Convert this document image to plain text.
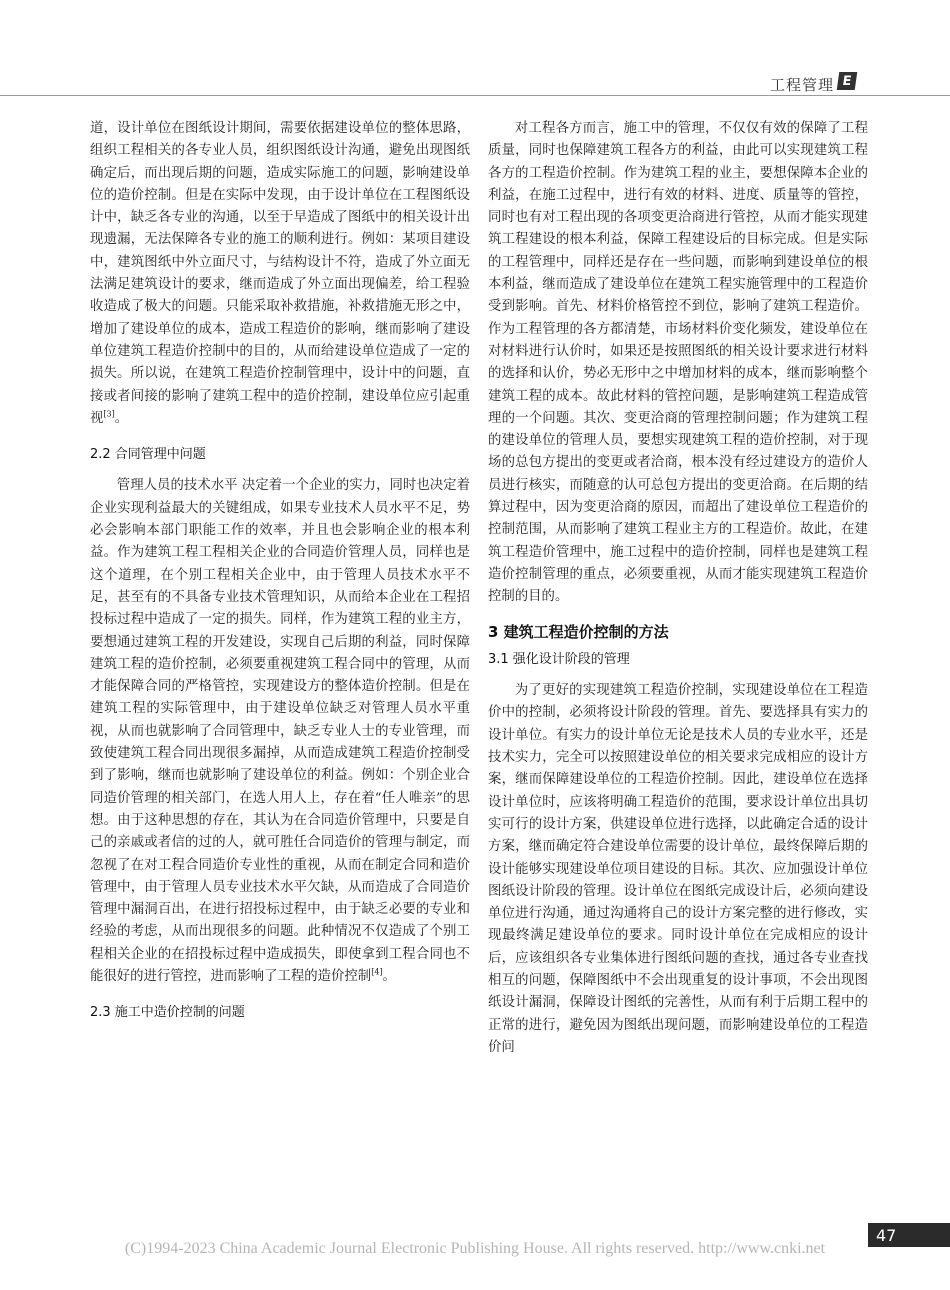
工程管理 E

道，设计单位在图纸设计期间，需要依据建设单位的整体思路，组织工程相关的各专业人员，组织图纸设计沟通，避免出现图纸确定后，而出现后期的问题，造成实际施工的问题，影响建设单位的造价控制。但是在实际中发现，由于设计单位在工程图纸设计中，缺乏各专业的沟通，以至于早造成了图纸中的相关设计出现遗漏，无法保障各专业的施工的顺利进行。例如：某项目建设中，建筑图纸中外立面尺寸，与结构设计不符，造成了外立面无法满足建筑设计的要求，继而造成了外立面出现偏差，给工程验收造成了极大的问题。只能采取补救措施，补救措施无形之中，增加了建设单位的成本，造成工程造价的影响，继而影响了建设单位建筑工程造价控制中的目的，从而给建设单位造成了一定的损失。所以说，在建筑工程造价控制管理中，设计中的问题，直接或者间接的影响了建筑工程中的造价控制，建设单位应引起重视[3]。

2.2 合同管理中问题

管理人员的技术水平 决定着一个企业的实力，同时也决定着企业实现利益最大的关键组成，如果专业技术人员水平不足，势必会影响本部门职能工作的效率，并且也会影响企业的根本利益。作为建筑工程工程相关企业的合同造价管理人员，同样也是这个道理，在个别工程相关企业中，由于管理人员技术水平不足，甚至有的不具备专业技术管理知识，从而给本企业在工程招投标过程中造成了一定的损失。同样，作为建筑工程的业主方，要想通过建筑工程的开发建设，实现自己后期的利益，同时保障建筑工程的造价控制，必须要重视建筑工程合同中的管理，从而才能保障合同的严格管控，实现建设方的整体造价控制。但是在建筑工程的实际管理中，由于建设单位缺乏对管理人员水平重视，从而也就影响了合同管理中，缺乏专业人士的专业管理，而致使建筑工程合同出现很多漏掉，从而造成建筑工程造价控制受到了影响，继而也就影响了建设单位的利益。例如：个别企业合同造价管理的相关部门，在选人用人上，存在着“任人唯亲”的思想。由于这种思想的存在，其认为在合同造价管理中，只要是自己的亲戚或者信的过的人，就可胜任合同造价的管理与制定，而忽视了在对工程合同造价专业性的重视，从而在制定合同和造价管理中，由于管理人员专业技术水平欠缺，从而造成了合同造价管理中漏洞百出，在进行招投标过程中，由于缺乏必要的专业和经验的考虑，从而出现很多的问题。此种情况不仅造成了个别工程相关企业的在招投标过程中造成损失，即使拿到工程合同也不能很好的进行管控，进而影响了工程的造价控制[4]。

2.3 施工中造价控制的问题

对工程各方而言，施工中的管理，不仅仅有效的保障了工程质量，同时也保障建筑工程各方的利益，由此可以实现建筑工程各方的工程造价控制。作为建筑工程的业主，要想保障本企业的利益，在施工过程中，进行有效的材料、进度、质量等的管控，同时也有对工程出现的各项变更洽商进行管控，从而才能实现建筑工程建设的根本利益，保障工程建设后的目标完成。但是实际的工程管理中，同样还是存在一些问题，而影响到建设单位的根本利益，继而造成了建设单位在建筑工程实施管理中的工程造价受到影响。首先、材料价格管控不到位，影响了建筑工程造价。作为工程管理的各方都清楚，市场材料价变化频发，建设单位在对材料进行认价时，如果还是按照图纸的相关设计要求进行材料的选择和认价，势必无形中之中增加材料的成本，继而影响整个建筑工程的成本。故此材料的管控问题，是影响建筑工程造成管理的一个问题。其次、变更洽商的管理控制问题；作为建筑工程的建设单位的管理人员，要想实现建筑工程的造价控制，对于现场的总包方提出的变更或者洽商，根本没有经过建设方的造价人员进行核实，而随意的认可总包方提出的变更洽商。在后期的结算过程中，因为变更洽商的原因，而超出了建设单位工程造价的控制范围，从而影响了建筑工程业主方的工程造价。故此，在建筑工程造价管理中，施工过程中的造价控制，同样也是建筑工程造价控制管理的重点，必须要重视，从而才能实现建筑工程造价控制的目的。

3 建筑工程造价控制的方法
3.1 强化设计阶段的管理

为了更好的实现建筑工程造价控制，实现建设单位在工程造价中的控制，必须将设计阶段的管理。首先、要选择具有实力的设计单位。有实力的设计单位无论是技术人员的专业水平，还是技术实力，完全可以按照建设单位的相关要求完成相应的设计方案，继而保障建设单位的工程造价控制。因此，建设单位在选择设计单位时，应该将明确工程造价的范围，要求设计单位出具切实可行的设计方案，供建设单位进行选择，以此确定合适的设计方案，继而确定符合建设单位需要的设计单位，最终保障后期的设计能够实现建设单位项目建设的目标。其次、应加强设计单位图纸设计阶段的管理。设计单位在图纸完成设计后，必须向建设单位进行沟通，通过沟通将自己的设计方案完整的进行修改，实现最终满足建设单位的要求。同时设计单位在完成相应的设计后，应该组织各专业集体进行图纸问题的查找，通过各专业查找相互的问题，保障图纸中不会出现重复的设计事项，不会出现图纸设计漏洞，保障设计图纸的完善性，从而有利于后期工程中的正常的进行，避免因为图纸出现问题，而影响建设单位的工程造价问

47
(C)1994-2023 China Academic Journal Electronic Publishing House. All rights reserved. http://www.cnki.net
